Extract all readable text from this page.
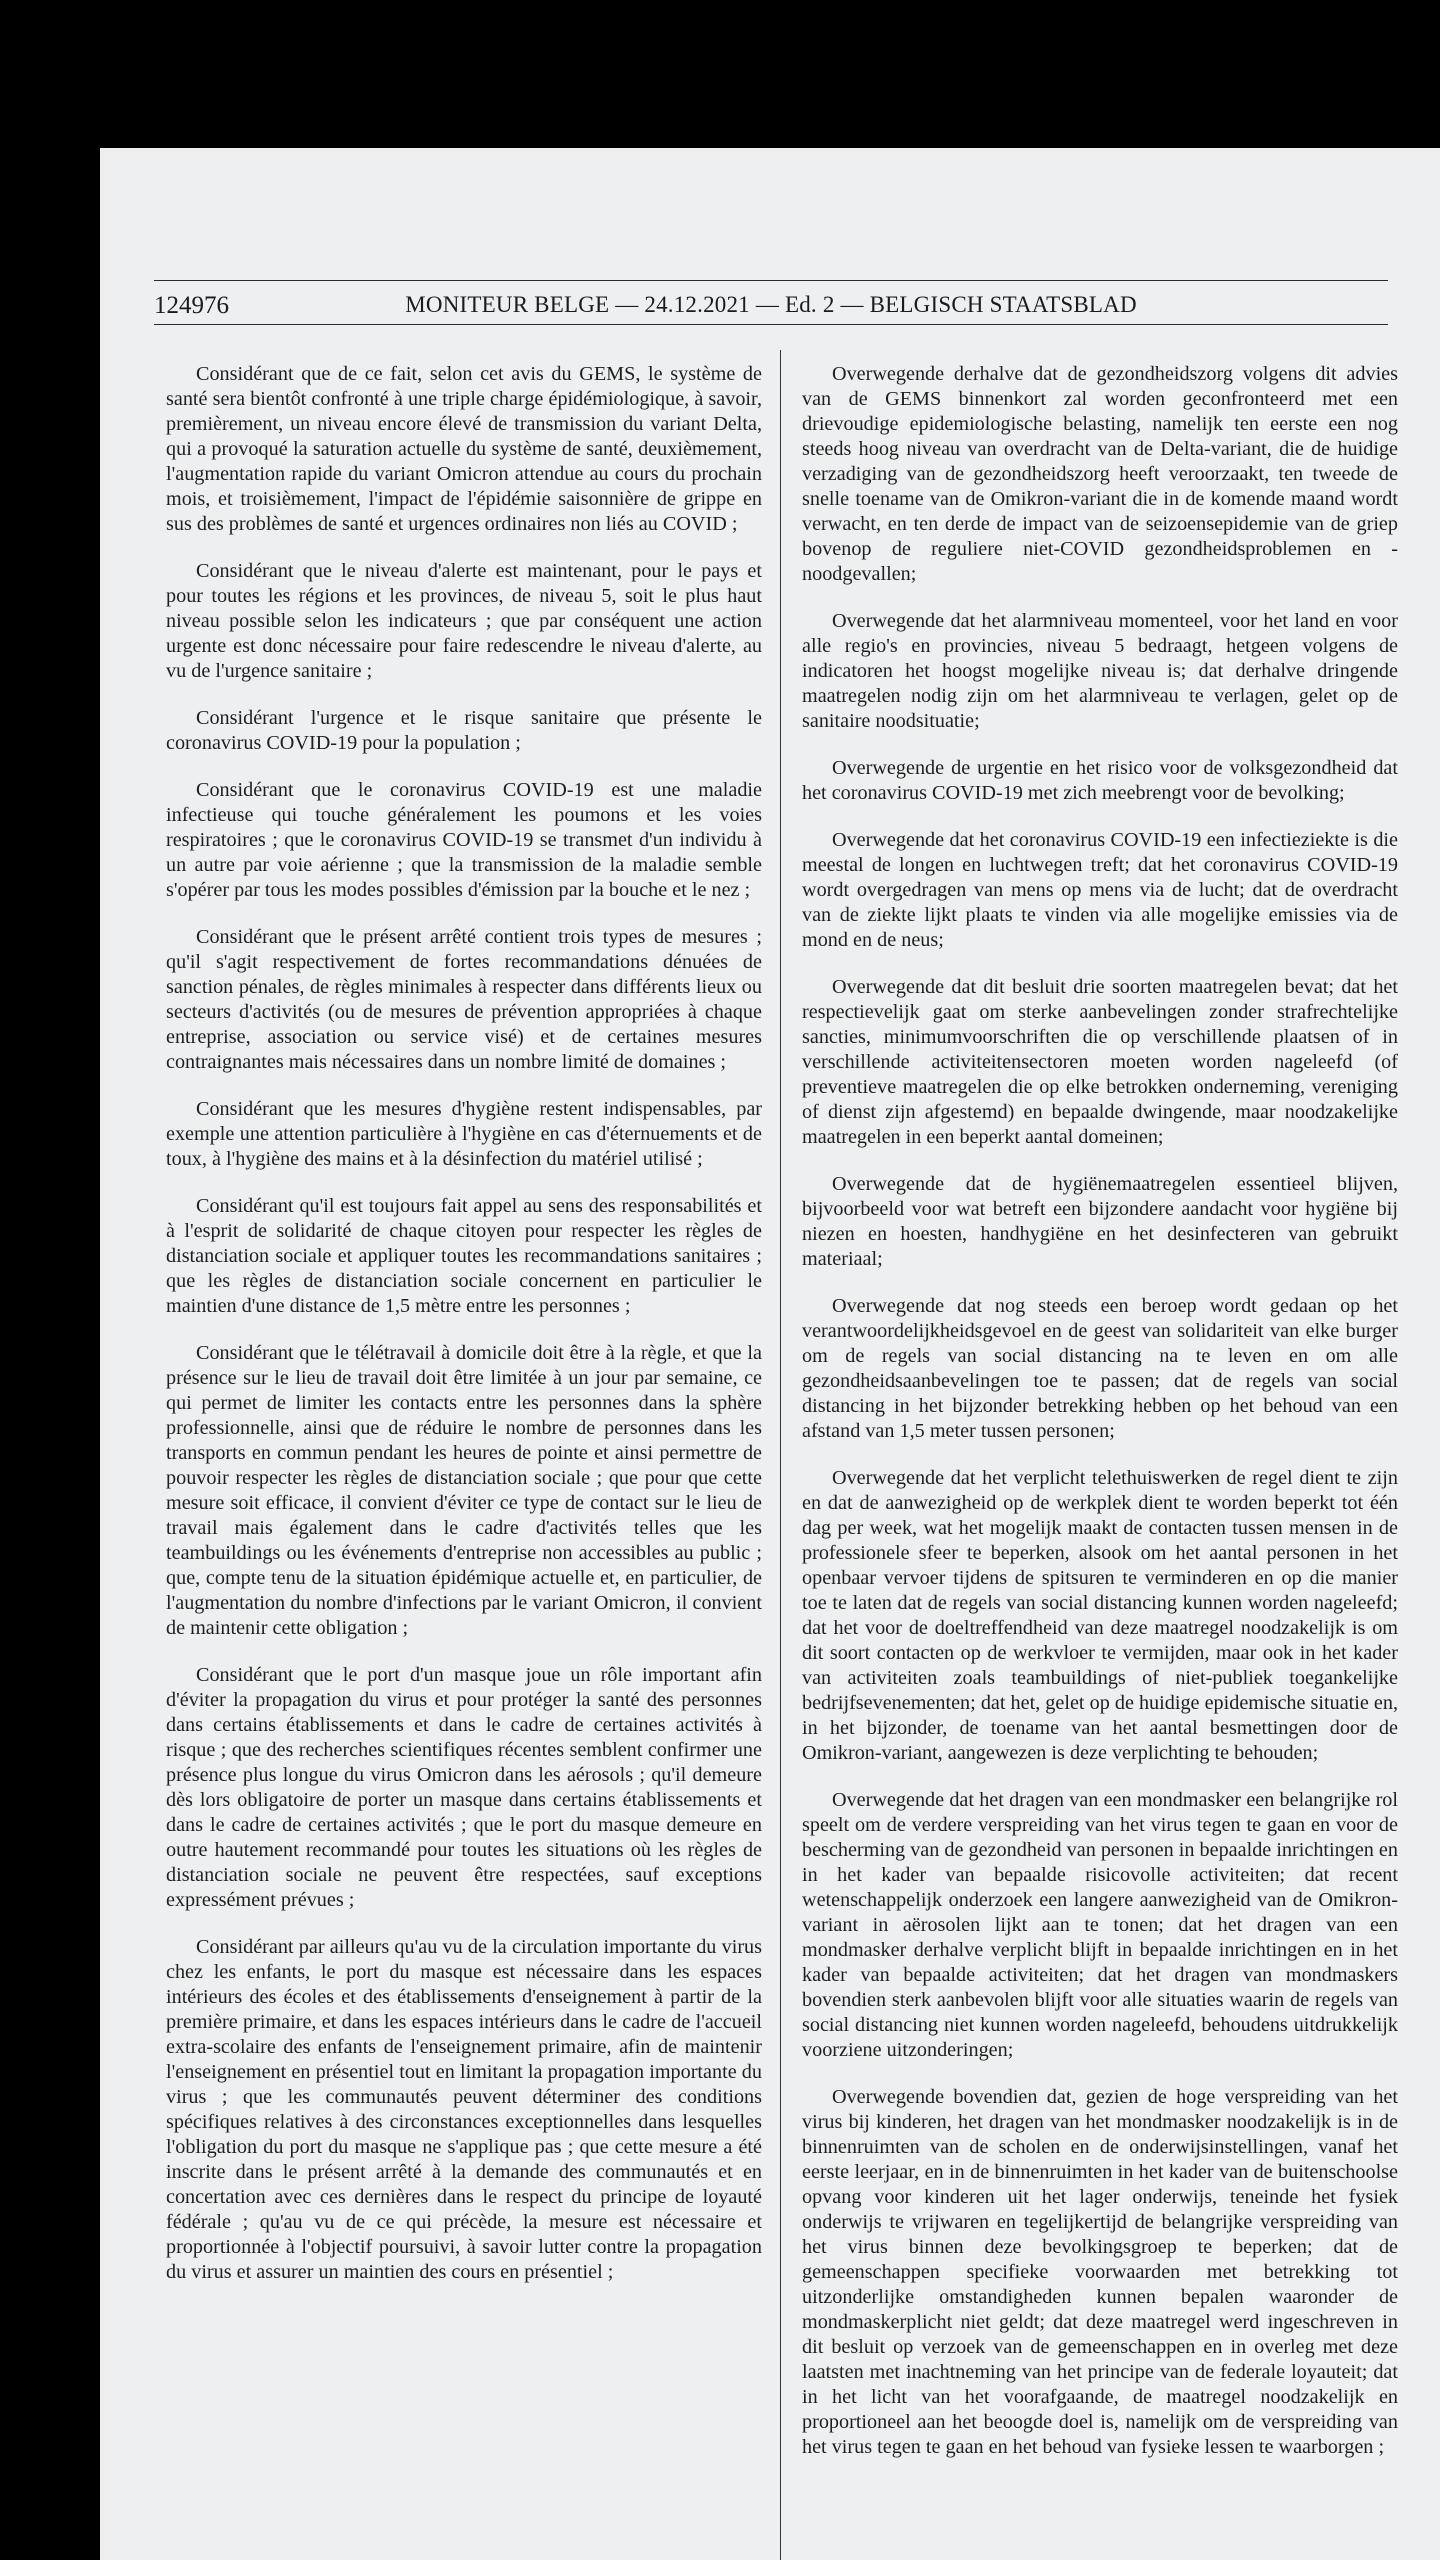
124976	MONITEUR BELGE — 24.12.2021 — Ed. 2 — BELGISCH STAATSBLAD

Considérant que de ce fait, selon cet avis du GEMS, le système de santé sera bientôt confronté à une triple charge épidémiologique, à savoir, premièrement, un niveau encore élevé de transmission du variant Delta, qui a provoqué la saturation actuelle du système de santé, deuxièmement, l'augmentation rapide du variant Omicron attendue au cours du prochain mois, et troisièmement, l'impact de l'épidémie saisonnière de grippe en sus des problèmes de santé et urgences ordinaires non liés au COVID ;

Considérant que le niveau d'alerte est maintenant, pour le pays et pour toutes les régions et les provinces, de niveau 5, soit le plus haut niveau possible selon les indicateurs ; que par conséquent une action urgente est donc nécessaire pour faire redescendre le niveau d'alerte, au vu de l'urgence sanitaire ;

Considérant l'urgence et le risque sanitaire que présente le coronavirus COVID-19 pour la population ;

Considérant que le coronavirus COVID-19 est une maladie infectieuse qui touche généralement les poumons et les voies respiratoires ; que le coronavirus COVID-19 se transmet d'un individu à un autre par voie aérienne ; que la transmission de la maladie semble s'opérer par tous les modes possibles d'émission par la bouche et le nez ;

Considérant que le présent arrêté contient trois types de mesures ; qu'il s'agit respectivement de fortes recommandations dénuées de sanction pénales, de règles minimales à respecter dans différents lieux ou secteurs d'activités (ou de mesures de prévention appropriées à chaque entreprise, association ou service visé) et de certaines mesures contraignantes mais nécessaires dans un nombre limité de domaines ;

Considérant que les mesures d'hygiène restent indispensables, par exemple une attention particulière à l'hygiène en cas d'éternuements et de toux, à l'hygiène des mains et à la désinfection du matériel utilisé ;

Considérant qu'il est toujours fait appel au sens des responsabilités et à l'esprit de solidarité de chaque citoyen pour respecter les règles de distanciation sociale et appliquer toutes les recommandations sanitaires ; que les règles de distanciation sociale concernent en particulier le maintien d'une distance de 1,5 mètre entre les personnes ;

Considérant que le télétravail à domicile doit être à la règle, et que la présence sur le lieu de travail doit être limitée à un jour par semaine, ce qui permet de limiter les contacts entre les personnes dans la sphère professionnelle, ainsi que de réduire le nombre de personnes dans les transports en commun pendant les heures de pointe et ainsi permettre de pouvoir respecter les règles de distanciation sociale ; que pour que cette mesure soit efficace, il convient d'éviter ce type de contact sur le lieu de travail mais également dans le cadre d'activités telles que les teambuildings ou les événements d'entreprise non accessibles au public ; que, compte tenu de la situation épidémique actuelle et, en particulier, de l'augmentation du nombre d'infections par le variant Omicron, il convient de maintenir cette obligation ;

Considérant que le port d'un masque joue un rôle important afin d'éviter la propagation du virus et pour protéger la santé des personnes dans certains établissements et dans le cadre de certaines activités à risque ; que des recherches scientifiques récentes semblent confirmer une présence plus longue du virus Omicron dans les aérosols ; qu'il demeure dès lors obligatoire de porter un masque dans certains établissements et dans le cadre de certaines activités ; que le port du masque demeure en outre hautement recommandé pour toutes les situations où les règles de distanciation sociale ne peuvent être respectées, sauf exceptions expressément prévues ;

Considérant par ailleurs qu'au vu de la circulation importante du virus chez les enfants, le port du masque est nécessaire dans les espaces intérieurs des écoles et des établissements d'enseignement à partir de la première primaire, et dans les espaces intérieurs dans le cadre de l'accueil extra-scolaire des enfants de l'enseignement primaire, afin de maintenir l'enseignement en présentiel tout en limitant la propagation importante du virus ; que les communautés peuvent déterminer des conditions spécifiques relatives à des circonstances exceptionnelles dans lesquelles l'obligation du port du masque ne s'applique pas ; que cette mesure a été inscrite dans le présent arrêté à la demande des communautés et en concertation avec ces dernières dans le respect du principe de loyauté fédérale ; qu'au vu de ce qui précède, la mesure est nécessaire et proportionnée à l'objectif poursuivi, à savoir lutter contre la propagation du virus et assurer un maintien des cours en présentiel ;

Overwegende derhalve dat de gezondheidszorg volgens dit advies van de GEMS binnenkort zal worden geconfronteerd met een drievoudige epidemiologische belasting, namelijk ten eerste een nog steeds hoog niveau van overdracht van de Delta-variant, die de huidige verzadiging van de gezondheidszorg heeft veroorzaakt, ten tweede de snelle toename van de Omikron-variant die in de komende maand wordt verwacht, en ten derde de impact van de seizoensepidemie van de griep bovenop de reguliere niet-COVID gezondheidsproblemen en -noodgevallen;

Overwegende dat het alarmniveau momenteel, voor het land en voor alle regio's en provincies, niveau 5 bedraagt, hetgeen volgens de indicatoren het hoogst mogelijke niveau is; dat derhalve dringende maatregelen nodig zijn om het alarmniveau te verlagen, gelet op de sanitaire noodsituatie;

Overwegende de urgentie en het risico voor de volksgezondheid dat het coronavirus COVID-19 met zich meebrengt voor de bevolking;

Overwegende dat het coronavirus COVID-19 een infectieziekte is die meestal de longen en luchtwegen treft; dat het coronavirus COVID-19 wordt overgedragen van mens op mens via de lucht; dat de overdracht van de ziekte lijkt plaats te vinden via alle mogelijke emissies via de mond en de neus;

Overwegende dat dit besluit drie soorten maatregelen bevat; dat het respectievelijk gaat om sterke aanbevelingen zonder strafrechtelijke sancties, minimumvoorschriften die op verschillende plaatsen of in verschillende activiteitensectoren moeten worden nageleefd (of preventieve maatregelen die op elke betrokken onderneming, vereniging of dienst zijn afgestemd) en bepaalde dwingende, maar noodzakelijke maatregelen in een beperkt aantal domeinen;

Overwegende dat de hygiënemaatregelen essentieel blijven, bijvoorbeeld voor wat betreft een bijzondere aandacht voor hygiëne bij niezen en hoesten, handhygiëne en het desinfecteren van gebruikt materiaal;

Overwegende dat nog steeds een beroep wordt gedaan op het verantwoordelijkheidsgevoel en de geest van solidariteit van elke burger om de regels van social distancing na te leven en om alle gezondheidsaanbevelingen toe te passen; dat de regels van social distancing in het bijzonder betrekking hebben op het behoud van een afstand van 1,5 meter tussen personen;

Overwegende dat het verplicht telethuiswerken de regel dient te zijn en dat de aanwezigheid op de werkplek dient te worden beperkt tot één dag per week, wat het mogelijk maakt de contacten tussen mensen in de professionele sfeer te beperken, alsook om het aantal personen in het openbaar vervoer tijdens de spitsuren te verminderen en op die manier toe te laten dat de regels van social distancing kunnen worden nageleefd; dat het voor de doeltreffendheid van deze maatregel noodzakelijk is om dit soort contacten op de werkvloer te vermijden, maar ook in het kader van activiteiten zoals teambuildings of niet-publiek toegankelijke bedrijfsevenementen; dat het, gelet op de huidige epidemische situatie en, in het bijzonder, de toename van het aantal besmettingen door de Omikron-variant, aangewezen is deze verplichting te behouden;

Overwegende dat het dragen van een mondmasker een belangrijke rol speelt om de verdere verspreiding van het virus tegen te gaan en voor de bescherming van de gezondheid van personen in bepaalde inrichtingen en in het kader van bepaalde risicovolle activiteiten; dat recent wetenschappelijk onderzoek een langere aanwezigheid van de Omikron-variant in aërosolen lijkt aan te tonen; dat het dragen van een mondmasker derhalve verplicht blijft in bepaalde inrichtingen en in het kader van bepaalde activiteiten; dat het dragen van mondmaskers bovendien sterk aanbevolen blijft voor alle situaties waarin de regels van social distancing niet kunnen worden nageleefd, behoudens uitdrukkelijk voorziene uitzonderingen;

Overwegende bovendien dat, gezien de hoge verspreiding van het virus bij kinderen, het dragen van het mondmasker noodzakelijk is in de binnenruimten van de scholen en de onderwijsinstellingen, vanaf het eerste leerjaar, en in de binnenruimten in het kader van de buitenschoolse opvang voor kinderen uit het lager onderwijs, teneinde het fysiek onderwijs te vrijwaren en tegelijkertijd de belangrijke verspreiding van het virus binnen deze bevolkingsgroep te beperken; dat de gemeenschappen specifieke voorwaarden met betrekking tot uitzonderlijke omstandigheden kunnen bepalen waaronder de mondmaskerplicht niet geldt; dat deze maatregel werd ingeschreven in dit besluit op verzoek van de gemeenschappen en in overleg met deze laatsten met inachtneming van het principe van de federale loyauteit; dat in het licht van het voorafgaande, de maatregel noodzakelijk en proportioneel aan het beoogde doel is, namelijk om de verspreiding van het virus tegen te gaan en het behoud van fysieke lessen te waarborgen ;
